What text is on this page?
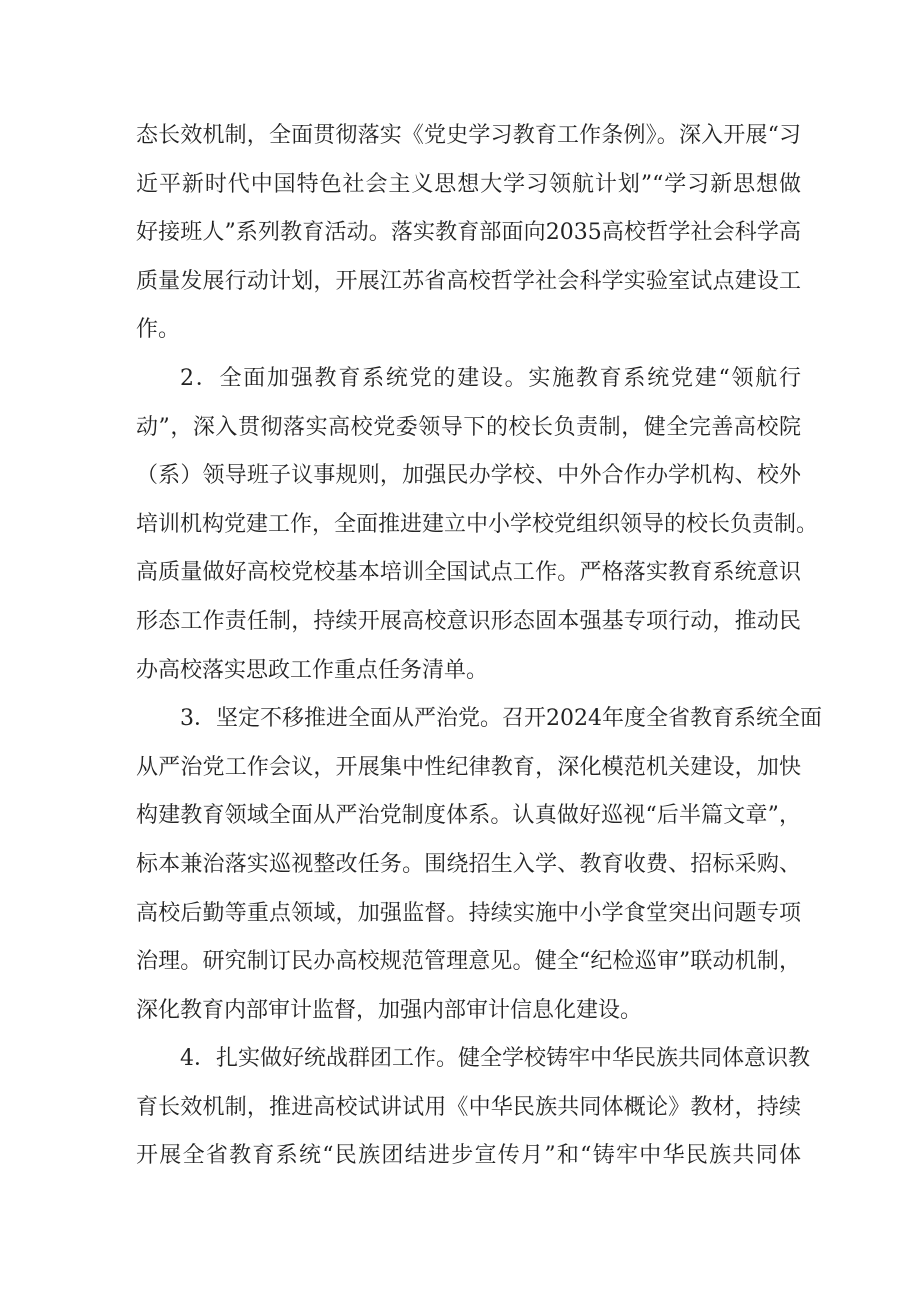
态长效机制，全面贯彻落实《党史学习教育工作条例》。深入开展“习
近平新时代中国特色社会主义思想大学习领航计划”“学习新思想做
好接班人”系列教育活动。落实教育部面向2035高校哲学社会科学高
质量发展行动计划，开展江苏省高校哲学社会科学实验室试点建设工
作。
2．全面加强教育系统党的建设。实施教育系统党建“领航行
动”，深入贯彻落实高校党委领导下的校长负责制，健全完善高校院
（系）领导班子议事规则，加强民办学校、中外合作办学机构、校外
培训机构党建工作，全面推进建立中小学校党组织领导的校长负责制。
高质量做好高校党校基本培训全国试点工作。严格落实教育系统意识
形态工作责任制，持续开展高校意识形态固本强基专项行动，推动民
办高校落实思政工作重点任务清单。
3．坚定不移推进全面从严治党。召开2024年度全省教育系统全面
从严治党工作会议，开展集中性纪律教育，深化模范机关建设，加快
构建教育领域全面从严治党制度体系。认真做好巡视“后半篇文章”，
标本兼治落实巡视整改任务。围绕招生入学、教育收费、招标采购、
高校后勤等重点领域，加强监督。持续实施中小学食堂突出问题专项
治理。研究制订民办高校规范管理意见。健全“纪检巡审”联动机制，
深化教育内部审计监督，加强内部审计信息化建设。
4．扎实做好统战群团工作。健全学校铸牢中华民族共同体意识教
育长效机制，推进高校试讲试用《中华民族共同体概论》教材，持续
开展全省教育系统“民族团结进步宣传月”和“铸牢中华民族共同体
